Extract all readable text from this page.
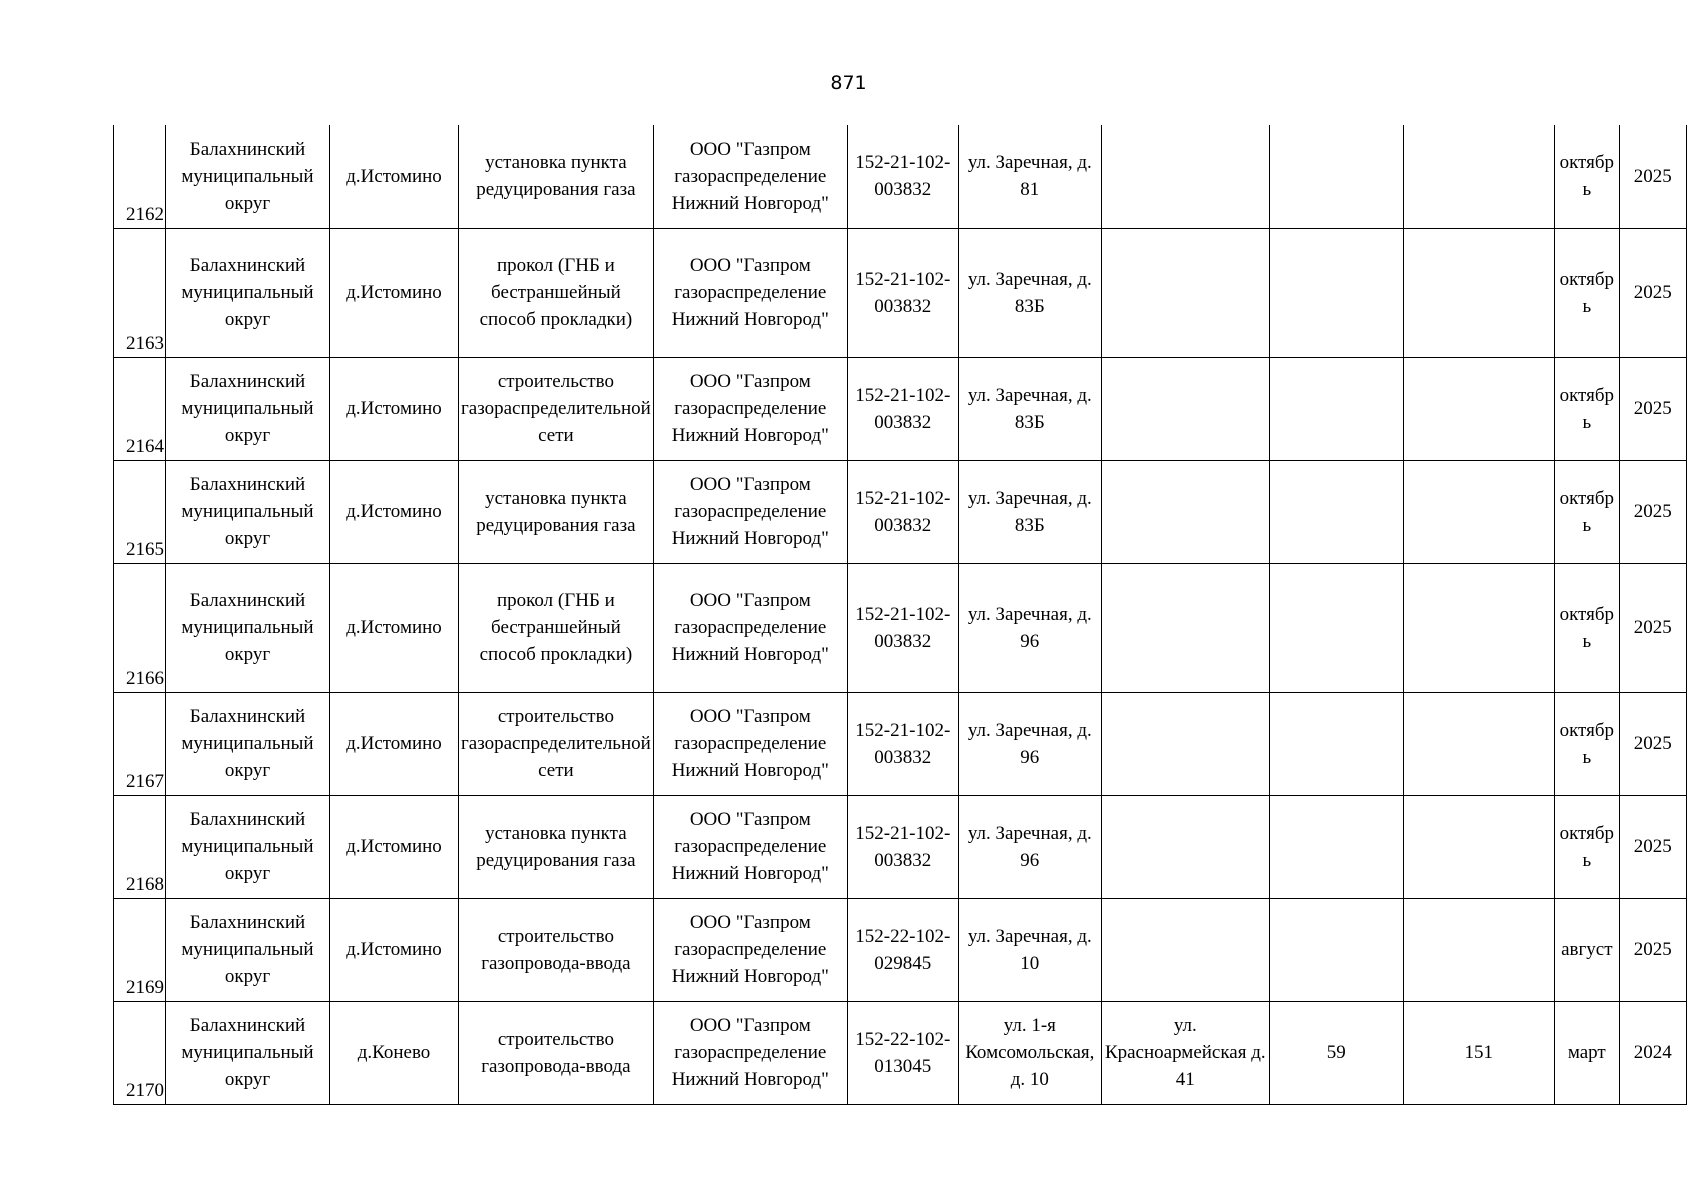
871
2162	Балахнинский муниципальный округ	д.Истомино	установка пункта редуцирования газа	ООО "Газпром газораспределение Нижний Новгород"	152-21-102-003832	ул. Заречная, д. 81				октябрь	2025

2163	Балахнинский муниципальный округ	д.Истомино	прокол (ГНБ и бестраншейный способ прокладки)	ООО "Газпром газораспределение Нижний Новгород"	152-21-102-003832	ул. Заречная, д. 83Б				октябрь	2025

2164	Балахнинский муниципальный округ	д.Истомино	строительство газораспределительной сети	ООО "Газпром газораспределение Нижний Новгород"	152-21-102-003832	ул. Заречная, д. 83Б				октябрь	2025

2165	Балахнинский муниципальный округ	д.Истомино	установка пункта редуцирования газа	ООО "Газпром газораспределение Нижний Новгород"	152-21-102-003832	ул. Заречная, д. 83Б				октябрь	2025

2166	Балахнинский муниципальный округ	д.Истомино	прокол (ГНБ и бестраншейный способ прокладки)	ООО "Газпром газораспределение Нижний Новгород"	152-21-102-003832	ул. Заречная, д. 96				октябрь	2025

2167	Балахнинский муниципальный округ	д.Истомино	строительство газораспределительной сети	ООО "Газпром газораспределение Нижний Новгород"	152-21-102-003832	ул. Заречная, д. 96				октябрь	2025

2168	Балахнинский муниципальный округ	д.Истомино	установка пункта редуцирования газа	ООО "Газпром газораспределение Нижний Новгород"	152-21-102-003832	ул. Заречная, д. 96				октябрь	2025

2169	Балахнинский муниципальный округ	д.Истомино	строительство газопровода-ввода	ООО "Газпром газораспределение Нижний Новгород"	152-22-102-029845	ул. Заречная, д. 10				август	2025

2170	Балахнинский муниципальный округ	д.Конево	строительство газопровода-ввода	ООО "Газпром газораспределение Нижний Новгород"	152-22-102-013045	ул. 1-я Комсомольская, д. 10	ул. Красноармейская д. 41	59	151	март	2024
